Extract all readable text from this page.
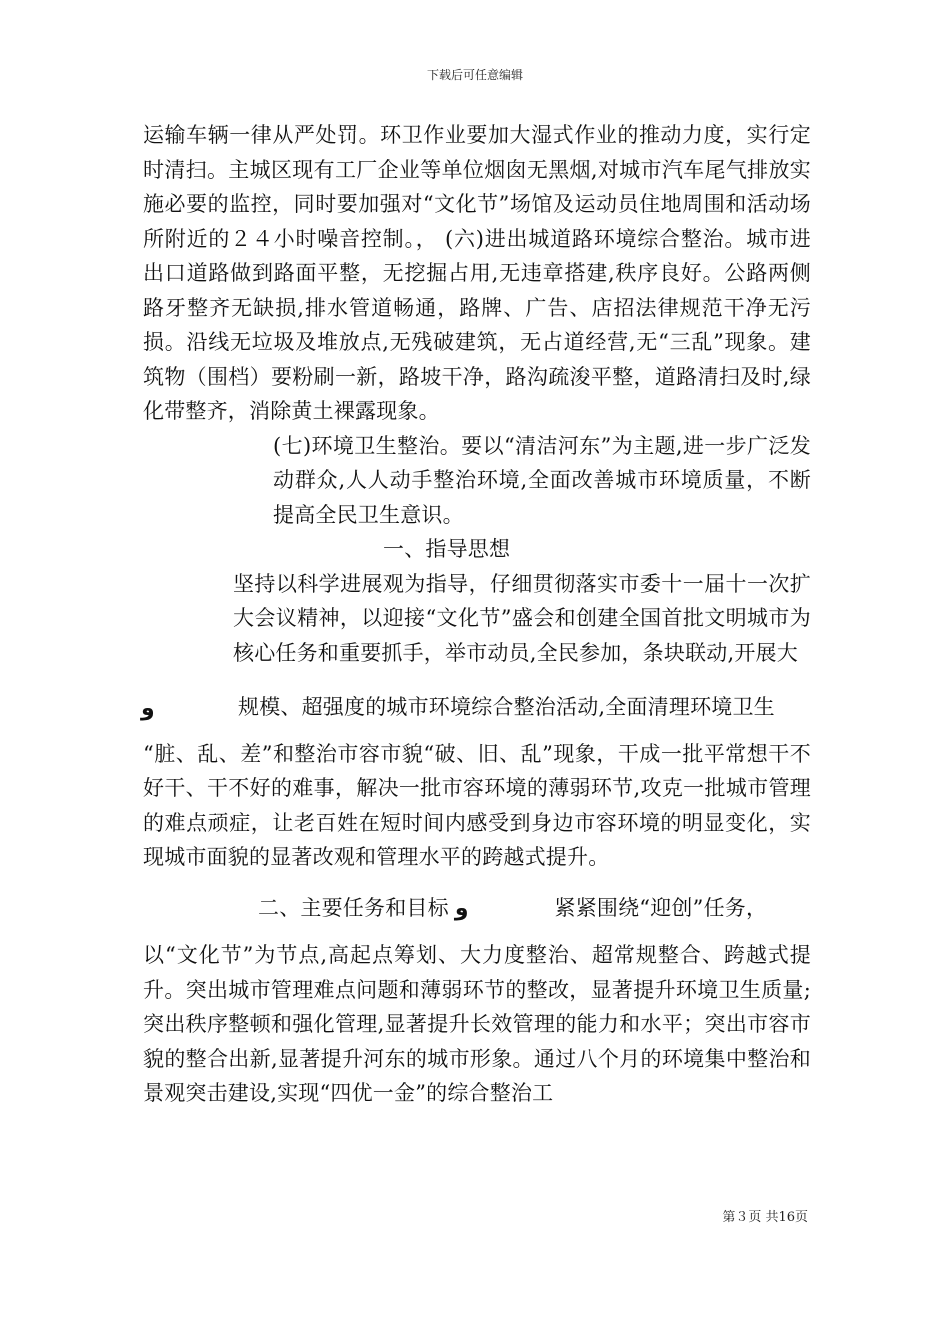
下载后可任意编辑

运输车辆一律从严处罚。环卫作业要加大湿式作业的推动力度，实行定时清扫。主城区现有工厂企业等单位烟囱无黑烟,对城市汽车尾气排放实施必要的监控，同时要加强对“文化节”场馆及运动员住地周围和活动场所附近的２４小时噪音控制。， (六)进出城道路环境综合整治。城市进出口道路做到路面平整，无挖掘占用,无违章搭建,秩序良好。公路两侧路牙整齐无缺损,排水管道畅通，路牌、广告、店招法律规范干净无污损。沿线无垃圾及堆放点,无残破建筑，无占道经营,无“三乱”现象。建筑物（围档）要粉刷一新，路坡干净，路沟疏浚平整，道路清扫及时,绿化带整齐，消除黄土裸露现象。

(七)环境卫生整治。要以“清洁河东”为主题,进一步广泛发动群众,人人动手整治环境,全面改善城市环境质量，不断提高全民卫生意识。

一、指导思想

坚持以科学进展观为指导，仔细贯彻落实市委十一届十一次扩大会议精神，以迎接“文化节”盛会和创建全国首批文明城市为核心任务和重要抓手，举市动员,全民参加，条块联动,开展大

و	规模、超强度的城市环境综合整治活动,全面清理环境卫生

“脏、乱、差”和整治市容市貌“破、旧、乱”现象，干成一批平常想干不好干、干不好的难事，解决一批市容环境的薄弱环节,攻克一批城市管理的难点顽症，让老百姓在短时间内感受到身边市容环境的明显变化，实现城市面貌的显著改观和管理水平的跨越式提升。

二、主要任务和目标 و	紧紧围绕“迎创”任务，

以“文化节”为节点,高起点筹划、大力度整治、超常规整合、跨越式提升。突出城市管理难点问题和薄弱环节的整改，显著提升环境卫生质量;突出秩序整顿和强化管理,显著提升长效管理的能力和水平；突出市容市貌的整合出新,显著提升河东的城市形象。通过八个月的环境集中整治和景观突击建设,实现“四优一金”的综合整治工

第３页 共16页
